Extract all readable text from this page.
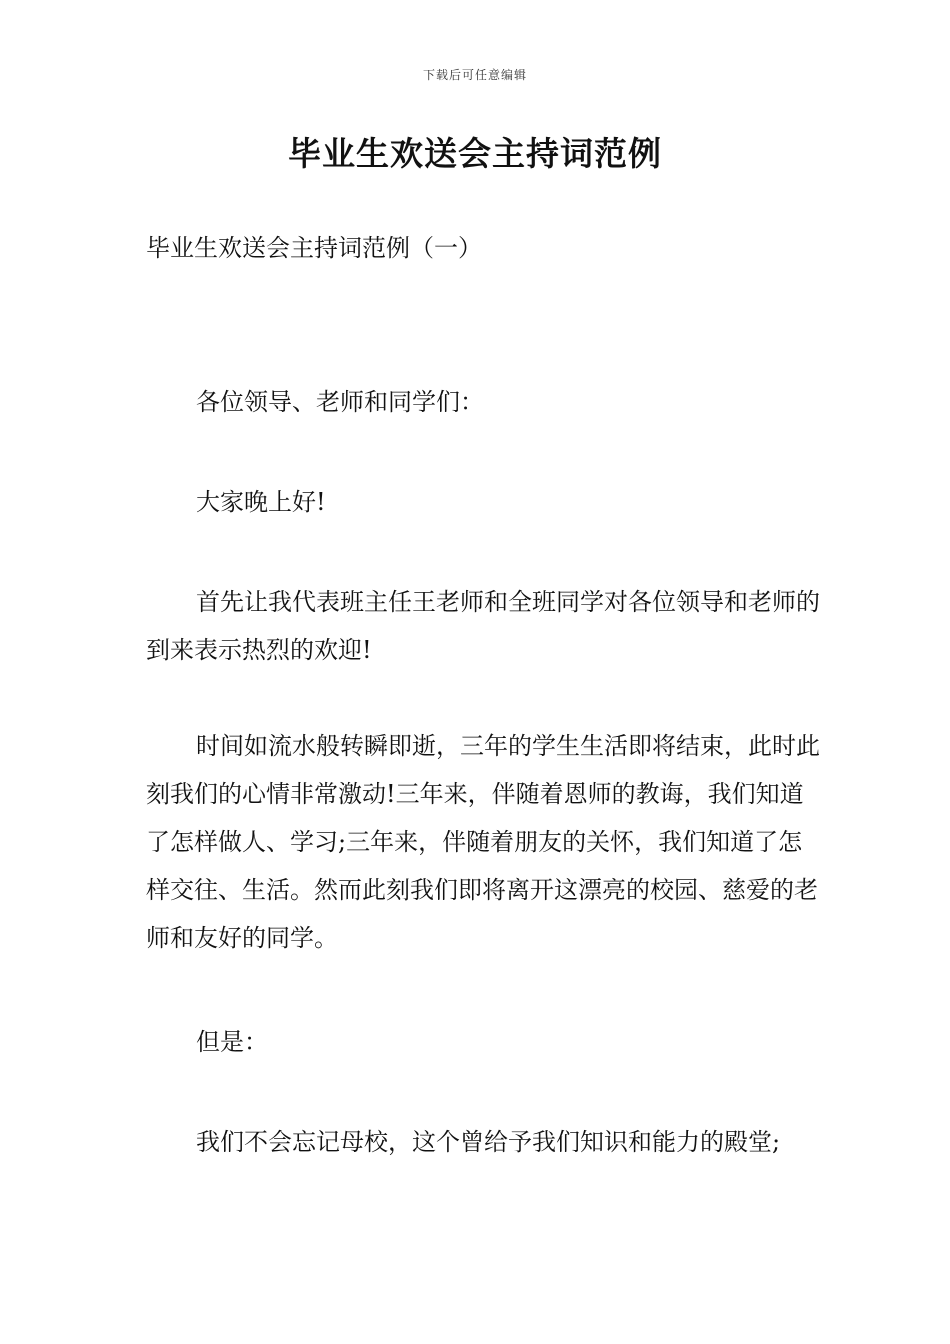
下载后可任意编辑
毕业生欢送会主持词范例

毕业生欢送会主持词范例（一）

各位领导、老师和同学们：

大家晚上好!

首先让我代表班主任王老师和全班同学对各位领导和老师的到来表示热烈的欢迎!

时间如流水般转瞬即逝，三年的学生生活即将结束，此时此刻我们的心情非常激动!三年来，伴随着恩师的教诲，我们知道了怎样做人、学习;三年来，伴随着朋友的关怀，我们知道了怎样交往、生活。然而此刻我们即将离开这漂亮的校园、慈爱的老师和友好的同学。

但是：

我们不会忘记母校，这个曾给予我们知识和能力的殿堂;
